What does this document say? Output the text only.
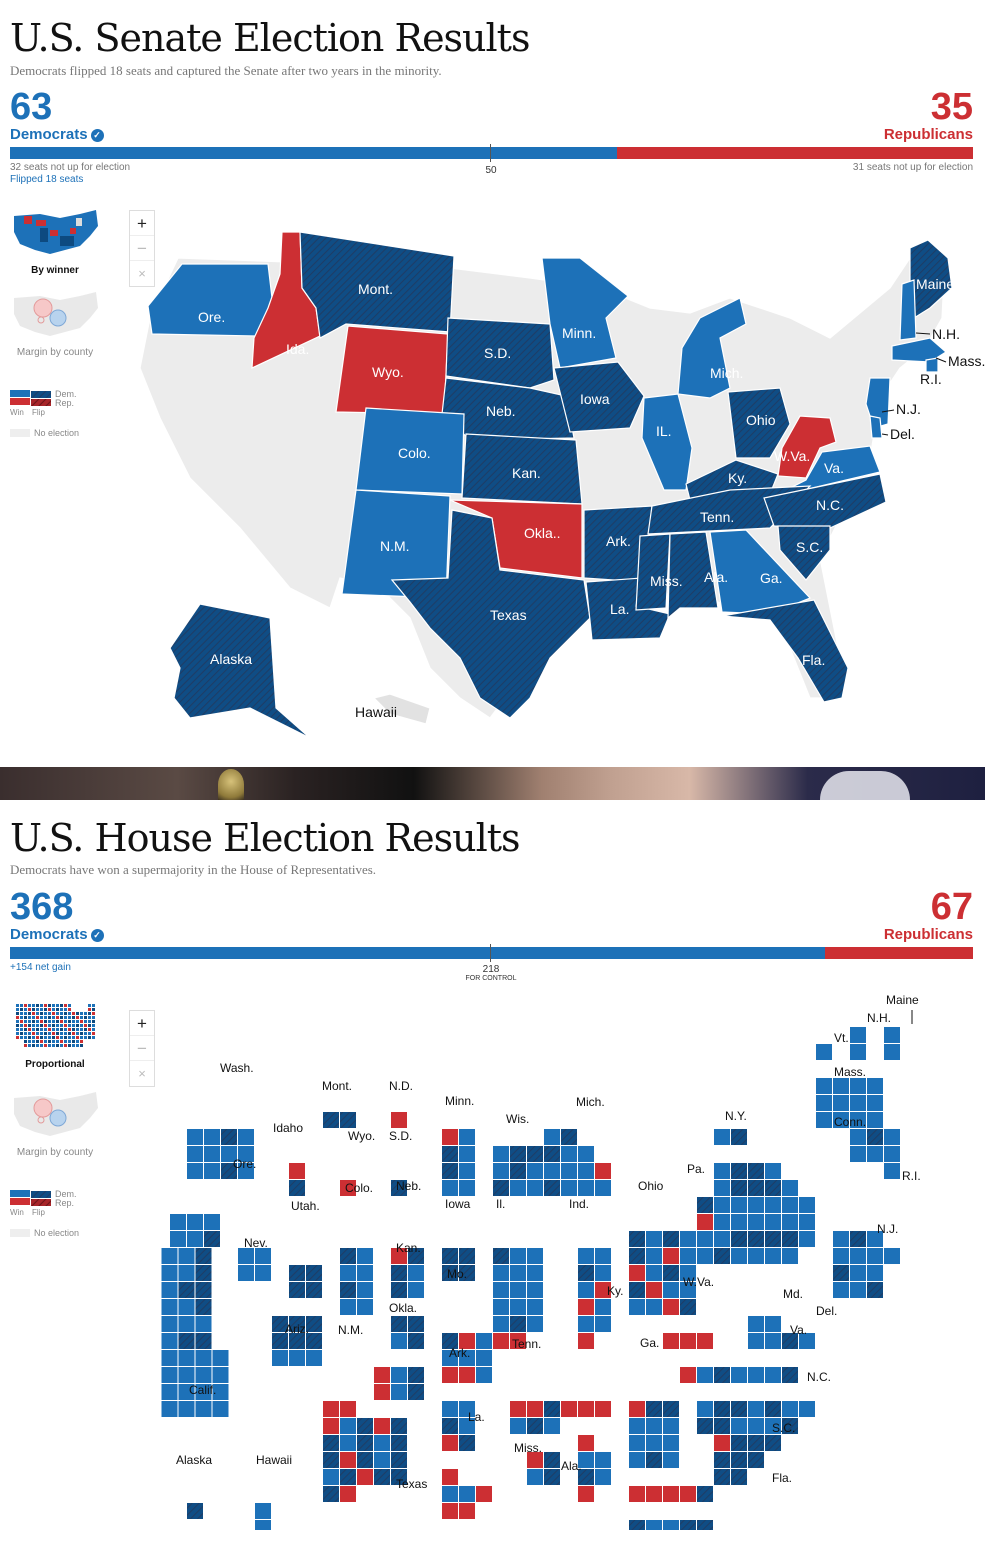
U.S. Senate Election Results
Democrats flipped 18 seats and captured the Senate after two years in the minority.
63	35
Democrats ✓	Republicans
50
32 seats not up for election
Flipped 18 seats
31 seats not up for election
By winner
Margin by county
Dem.
Rep.
Win Flip
No election
+
−
×
Ore.
Ida.
Mont.
Wyo.
S.D.
Minn.
Neb.
Iowa
Colo.
Kan.
IL.
Mich.
Ohio
W.Va.
Va.
Ky.
N.M.
Okla..	Ark.
Tenn.
N.C.
S.C.
Texas	La.
Miss. Ala. Ga.
Fla.
Alaska
Hawaii
Maine
N.H.
Mass.
R.I.
N.J.
Del.
U.S. House Election Results
Democrats have won a supermajority in the House of Representatives.
368	67
Democrats ✓	Republicans
218
FOR CONTROL
+154 net gain
Proportional
Margin by county
Dem.
Rep.
Win Flip
No election
+
−
×	Wash.
Ore.
Idaho
Mont.
Wyo.
N.D.
S.D.
Minn.
Wis.
Mich.
Maine
N.H.
Vt.
Mass.
Conn.
R.I.
N.Y.
Pa.
N.J.
Ohio
Ind.
Il.
Iowa
Neb.
Colo.
Utah.
Nev.
Calif.
Ariz. N.M.
Kan.
Mo.
Okla.
Ky.
W.Va.
Md.
Del.
Va.
Tenn.
N.C.
S.C.
Ga.
Ark.
Texas
La.
Miss.
Ala.
Fla.
Alaska	Hawaii
